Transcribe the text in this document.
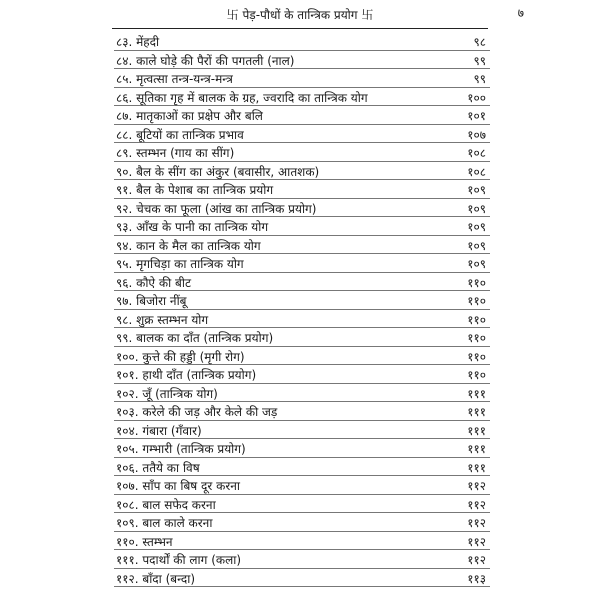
卐 पेड़-पौधों के तान्त्रिक प्रयोग 卐	७
८३. मेंहदी	९८
८४. काले घोड़े की पैरों की पगतली (नाल)	९९
८५. मृत्वत्सा तन्त्र-यन्त्र-मन्त्र	९९
८६. सूतिका गृह में बालक के ग्रह, ज्वरादि का तान्त्रिक योग	१००
८७. मातृकाओं का प्रक्षेप और बलि	१०१
८८. बूटियों का तान्त्रिक प्रभाव	१०७
८९. स्तम्भन (गाय का सींग)	१०८
९०. बैल के सींग का अंकुर (बवासीर, आतशक)	१०८
९१. बैल के पेशाब का तान्त्रिक प्रयोग	१०९
९२. चेचक का फूला (आंख का तान्त्रिक प्रयोग)	१०९
९३. आँख के पानी का तान्त्रिक योग	१०९
९४. कान के मैल का तान्त्रिक योग	१०९
९५. मृगचिड़ा का तान्त्रिक योग	१०९
९६. कौऐ की बीट	११०
९७. बिजोरा नींबू	११०
९८. शुक्र स्तम्भन योग	११०
९९. बालक का दाँत (तान्त्रिक प्रयोग)	११०
१००. कुत्ते की हड्डी (मृगी रोग)	११०
१०१. हाथी दाँत (तान्त्रिक प्रयोग)	११०
१०२. जूँ (तान्त्रिक योग)	१११
१०३. करेले की जड़ और केले की जड़	१११
१०४. गंबारा (गँवार)	१११
१०५. गम्भारी (तान्त्रिक प्रयोग)	१११
१०६. ततैये का विष	१११
१०७. साँप का बिष दूर करना	११२
१०८. बाल सफेद करना	११२
१०९. बाल काले करना	११२
११०. स्तम्भन	११२
१११. पदार्थों की लाग (कला)	११२
११२. बाँदा (बन्दा)	११३
